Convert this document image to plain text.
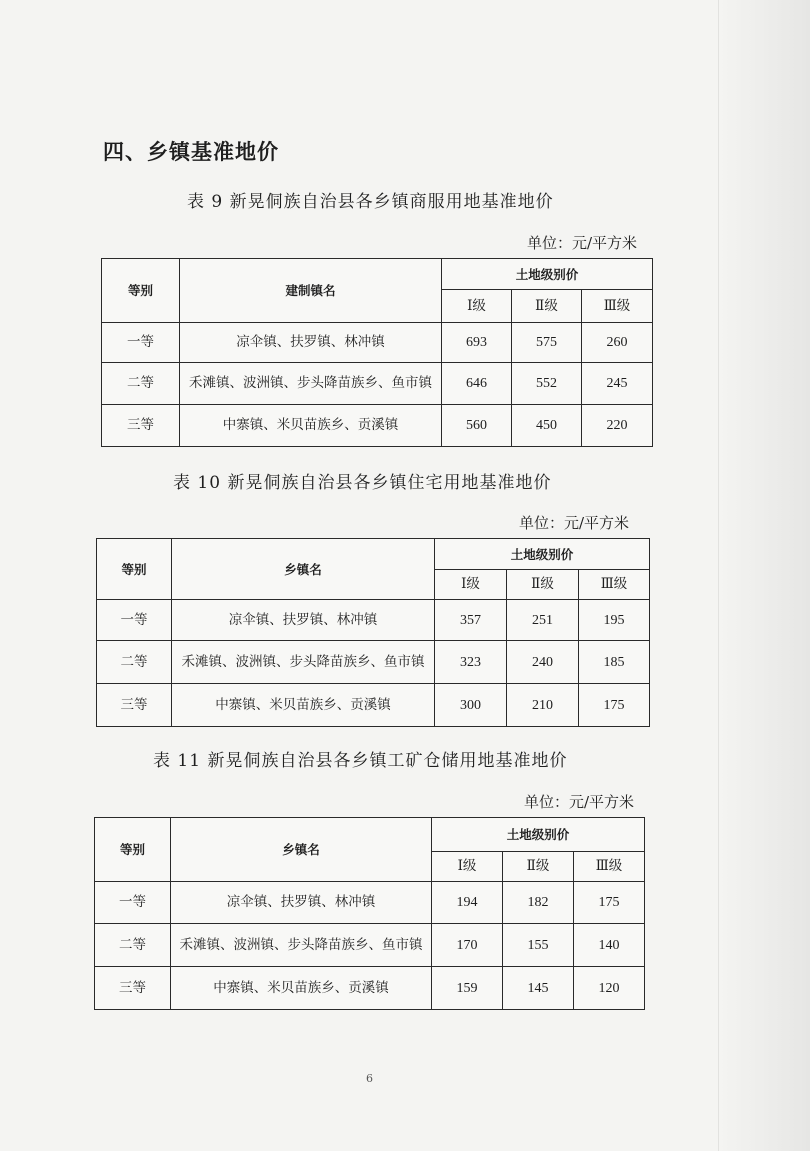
四、乡镇基准地价

表 9 新晃侗族自治县各乡镇商服用地基准地价

单位：元/平方米

等别	建制镇名	土地级别价		
		Ⅰ级	Ⅱ级	Ⅲ级
一等	凉伞镇、扶罗镇、林冲镇	693	575	260
二等	禾滩镇、波洲镇、步头降苗族乡、鱼市镇	646	552	245
三等	中寨镇、米贝苗族乡、贡溪镇	560	450	220

表 10 新晃侗族自治县各乡镇住宅用地基准地价

单位：元/平方米

等别	乡镇名	土地级别价		
		Ⅰ级	Ⅱ级	Ⅲ级
一等	凉伞镇、扶罗镇、林冲镇	357	251	195
二等	禾滩镇、波洲镇、步头降苗族乡、鱼市镇	323	240	185
三等	中寨镇、米贝苗族乡、贡溪镇	300	210	175

表 11 新晃侗族自治县各乡镇工矿仓储用地基准地价

单位：元/平方米

等别	乡镇名	土地级别价		
		Ⅰ级	Ⅱ级	Ⅲ级
一等	凉伞镇、扶罗镇、林冲镇	194	182	175
二等	禾滩镇、波洲镇、步头降苗族乡、鱼市镇	170	155	140
三等	中寨镇、米贝苗族乡、贡溪镇	159	145	120
6
